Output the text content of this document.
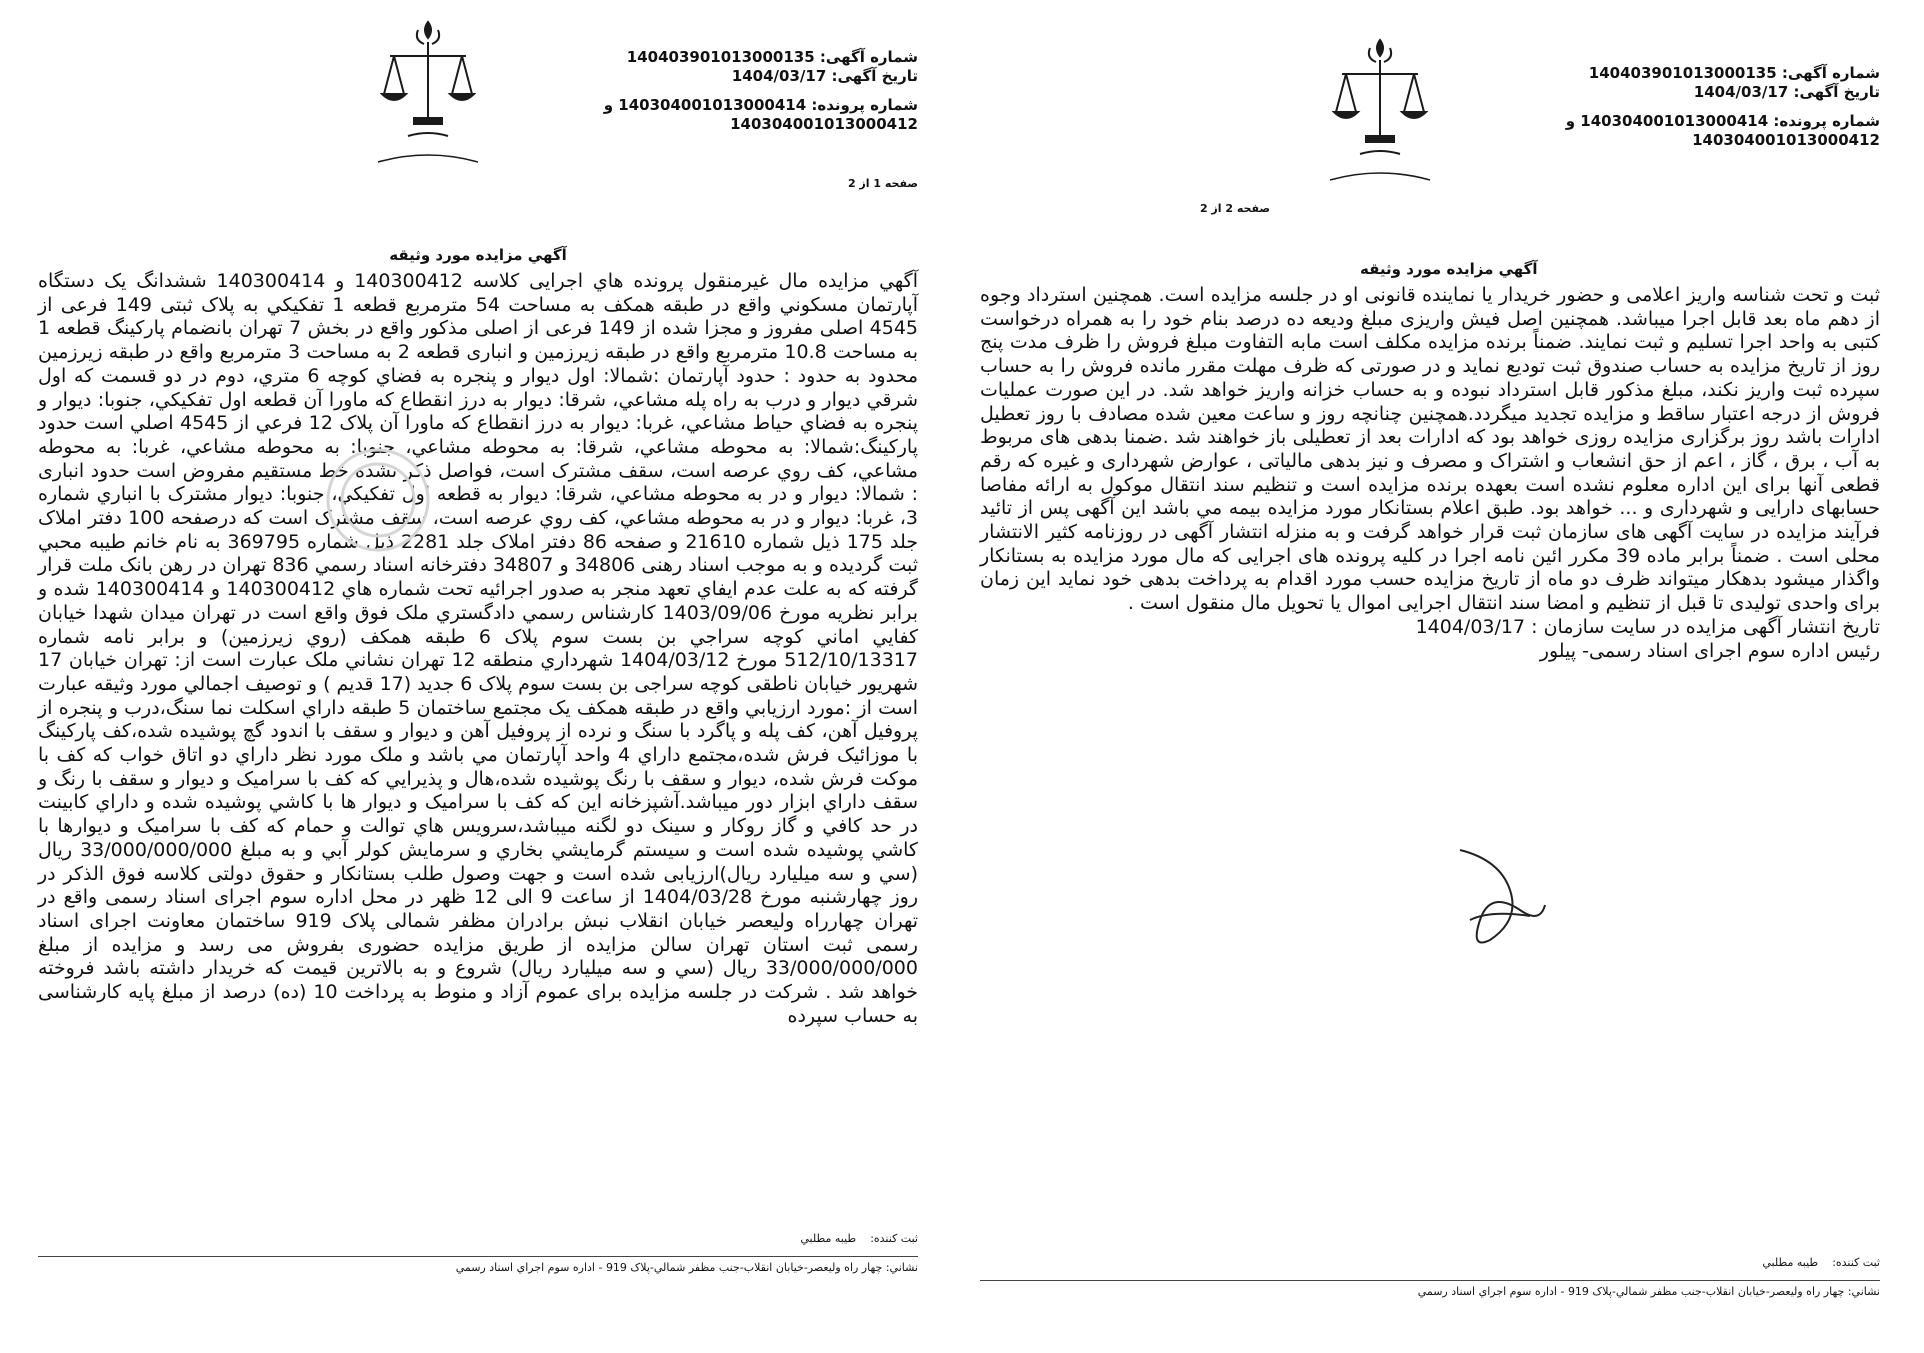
شماره آگهی: 140403901013000135
تاریخ آگهی: 1404/03/17
شماره پرونده: 140304001013000414 و
140304001013000412
صفحه 1 از 2
آگهي مزايده مورد وثيقه
آگهي مزايده مال غيرمنقول پرونده هاي اجرايی كلاسه 140300412 و 140300414 ششدانگ يک دستگاه آپارتمان مسكوني واقع در طبقه همكف به مساحت 54 مترمربع قطعه 1 تفكيكي به پلاک ثبتی 149 فرعی از 4545 اصلی مفروز و مجزا شده از 149 فرعی از اصلی مذكور واقع در بخش 7 تهران بانضمام پاركينگ قطعه 1 به مساحت 10.8 مترمربع واقع در طبقه زيرزمين و انباری قطعه 2 به مساحت 3 مترمربع واقع در طبقه زيرزمين محدود به حدود : حدود آپارتمان :شمالا: اول ديوار و پنجره به فضاي كوچه 6 متري، دوم در دو قسمت كه اول شرقي ديوار و درب به راه پله مشاعي، شرقا: ديوار به درز انقطاع كه ماورا آن قطعه اول تفكيكي، جنوبا: ديوار و پنجره به فضاي حياط مشاعي، غربا: ديوار به درز انقطاع كه ماورا آن پلاک 12 فرعي از 4545 اصلي است حدود پاركينگ:شمالا: به محوطه مشاعي، شرقا: به محوطه مشاعي، جنوبا: به محوطه مشاعي، غربا: به محوطه مشاعي، كف روي عرصه است، سقف مشترک است، فواصل ذكر نشده خط مستقيم مفروض است حدود انباری : شمالا: ديوار و در به محوطه مشاعي، شرقا: ديوار به قطعه اول تفكيكي، جنوبا: ديوار مشترک با انباري شماره 3، غربا: ديوار و در به محوطه مشاعي، كف روي عرصه است، سقف مشترک است كه درصفحه 100 دفتر املاک جلد 175 ذيل شماره 21610 و صفحه 86 دفتر املاک جلد 2281 ذيل شماره 369795 به نام خانم طيبه محبي ثبت گرديده و به موجب اسناد رهنی 34806 و 34807 دفترخانه اسناد رسمي 836 تهران در رهن بانک ملت قرار گرفته كه به علت عدم ايفاي تعهد منجر به صدور اجرائيه تحت شماره هاي 140300412 و 140300414 شده و برابر نظريه مورخ 1403/09/06 كارشناس رسمي دادگستري ملک فوق واقع است در تهران ميدان شهدا خيابان كفايي اماني كوچه سراجي بن بست سوم پلاک 6 طبقه همكف (روي زيرزمين) و برابر نامه شماره 512/10/13317 مورخ 1404/03/12 شهرداري منطقه 12 تهران نشاني ملک عبارت است از: تهران خيابان 17 شهريور خيابان ناطقی كوچه سراجی بن بست سوم پلاک 6 جديد (17 قديم ) و توصيف اجمالي مورد وثيقه عبارت است از :مورد ارزيابي واقع در طبقه همكف يک مجتمع ساختمان 5 طبقه داراي اسكلت نما سنگ،درب و پنجره از پروفيل آهن، كف پله و پاگرد با سنگ و نرده از پروفيل آهن و ديوار و سقف با اندود گچ پوشيده شده،كف پاركينگ با موزائيک فرش شده،مجتمع داراي 4 واحد آپارتمان مي باشد و ملک مورد نظر داراي دو اتاق خواب كه كف با موكت فرش شده، ديوار و سقف با رنگ پوشيده شده،هال و پذيرايي كه كف با سراميک و ديوار و سقف با رنگ و سقف داراي ابزار دور ميباشد.آشپزخانه اين كه كف با سراميک و ديوار ها با كاشي پوشيده شده و داراي كابينت در حد كافي و گاز روكار و سينک دو لگنه ميباشد،سرويس هاي توالت و حمام كه كف با سراميک و ديوارها با كاشي پوشيده شده است و سيستم گرمايشي بخاري و سرمايش كولر آبي و به مبلغ 33/000/000/000 ريال (سي و سه ميليارد ريال)ارزيابی شده است و جهت وصول طلب بستانكار و حقوق دولتی كلاسه فوق الذكر در روز چهارشنبه مورخ 1404/03/28 از ساعت 9 الی 12 ظهر در محل اداره سوم اجرای اسناد رسمی واقع در تهران چهارراه وليعصر خيابان انقلاب نبش برادران مظفر شمالی پلاک 919 ساختمان معاونت اجرای اسناد رسمی ثبت استان تهران سالن مزايده از طريق مزايده حضوری بفروش می رسد و مزايده از مبلغ 33/000/000/000 ريال (سي و سه ميليارد ريال) شروع و به بالاترين قيمت كه خريدار داشته باشد فروخته خواهد شد . شركت در جلسه مزايده برای عموم آزاد و منوط به پرداخت 10 (ده) درصد از مبلغ پايه كارشناسی به حساب سپرده
ثبت كننده:طيبه مطلبي
نشاني: چهار راه وليعصر-خيابان انقلاب-جنب مظفر شمالي-پلاک 919 - اداره سوم اجراي اسناد رسمي
شماره آگهی: 140403901013000135
تاریخ آگهی: 1404/03/17
شماره پرونده: 140304001013000414 و
140304001013000412
صفحه 2 از 2
آگهي مزايده مورد وثيقه
ثبت و تحت شناسه واريز اعلامی و حضور خريدار يا نماينده قانونی او در جلسه مزايده است. همچنين استرداد وجوه از دهم ماه بعد قابل اجرا ميباشد. همچنين اصل فيش واريزی مبلغ وديعه ده درصد بنام خود را به همراه درخواست كتبی به واحد اجرا تسليم و ثبت نمايند. ضمناً برنده مزايده مكلف است مابه التفاوت مبلغ فروش را ظرف مدت پنج روز از تاريخ مزايده به حساب صندوق ثبت توديع نمايد و در صورتی كه ظرف مهلت مقرر مانده فروش را به حساب سپرده ثبت واريز نكند، مبلغ مذكور قابل استرداد نبوده و به حساب خزانه واريز خواهد شد. در اين صورت عمليات فروش از درجه اعتبار ساقط و مزايده تجديد ميگردد.همچنين چنانچه روز و ساعت معين شده مصادف با روز تعطيل ادارات باشد روز برگزاری مزايده روزی خواهد بود كه ادارات بعد از تعطيلی باز خواهند شد .ضمنا بدهی های مربوط به آب ، برق ، گاز ، اعم از حق انشعاب و اشتراک و مصرف و نيز بدهی مالياتی ، عوارض شهرداری و غيره كه رقم قطعی آنها برای اين اداره معلوم نشده است بعهده برنده مزايده است و تنظيم سند انتقال موكول به ارائه مفاصا حسابهای دارايی و شهرداری و ... خواهد بود. طبق اعلام بستانكار مورد مزايده بيمه مي باشد اين آگهی پس از تائيد فرآيند مزايده در سايت آگهی های سازمان ثبت قرار خواهد گرفت و به منزله انتشار آگهی در روزنامه كثير الانتشار محلی است . ضمناً برابر ماده 39 مكرر ائين نامه اجرا در كليه پرونده های اجرايی كه مال مورد مزايده به بستانكار واگذار ميشود بدهكار ميتواند ظرف دو ماه از تاريخ مزايده حسب مورد اقدام به پرداخت بدهی خود نمايد اين زمان برای واحدی توليدی تا قبل از تنظيم و امضا سند انتقال اجرايی اموال يا تحويل مال منقول است .
تاريخ انتشار آگهی مزايده در سايت سازمان : 1404/03/17
رئيس اداره سوم اجرای اسناد رسمی- پيلور
ثبت كننده:طيبه مطلبي
نشاني: چهار راه وليعصر-خيابان انقلاب-جنب مظفر شمالي-پلاک 919 - اداره سوم اجراي اسناد رسمي
